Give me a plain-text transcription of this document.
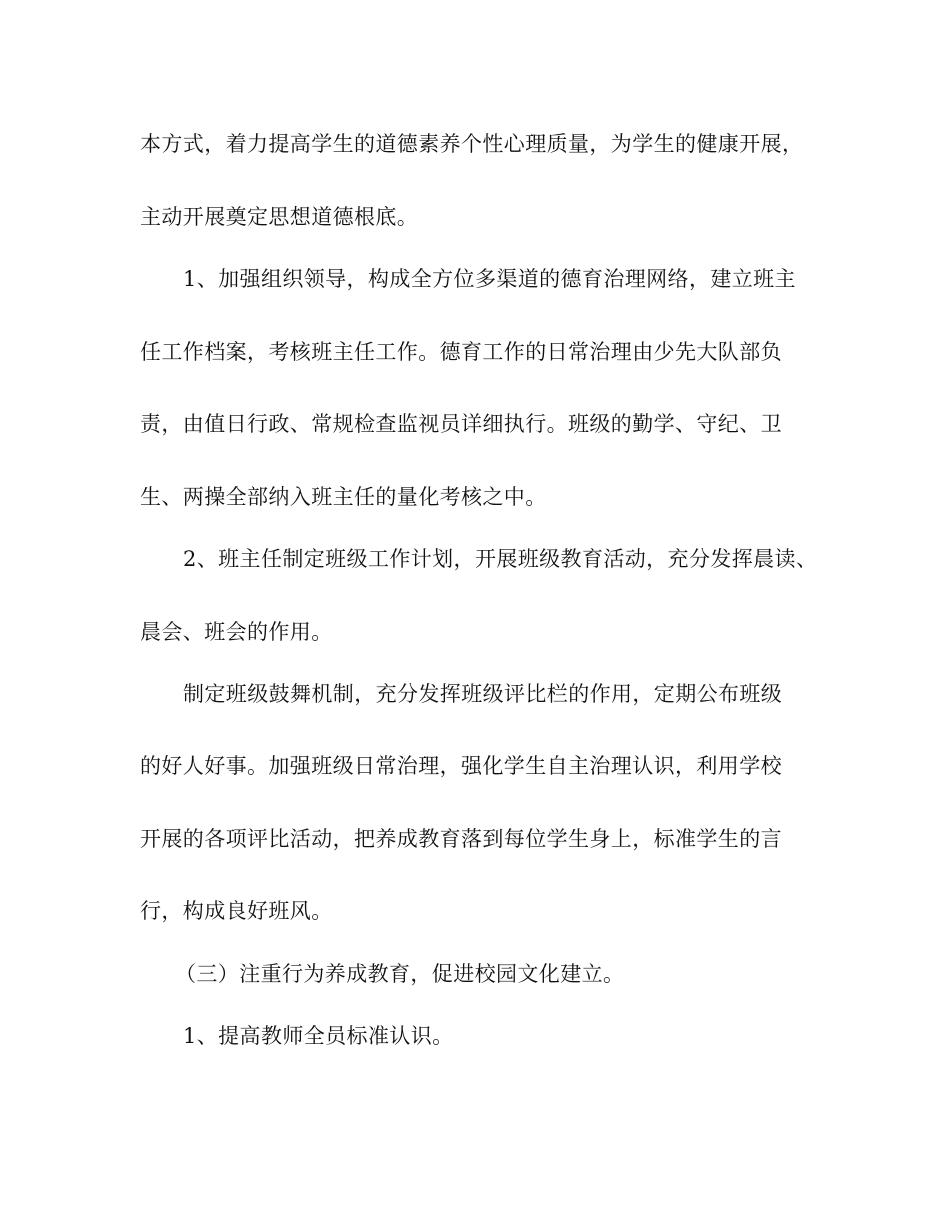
本方式，着力提高学生的道德素养个性心理质量，为学生的健康开展，

主动开展奠定思想道德根底。

1、加强组织领导，构成全方位多渠道的德育治理网络，建立班主

任工作档案，考核班主任工作。德育工作的日常治理由少先大队部负

责，由值日行政、常规检查监视员详细执行。班级的勤学、守纪、卫

生、两操全部纳入班主任的量化考核之中。

2、班主任制定班级工作计划，开展班级教育活动，充分发挥晨读、

晨会、班会的作用。

制定班级鼓舞机制，充分发挥班级评比栏的作用，定期公布班级

的好人好事。加强班级日常治理，强化学生自主治理认识，利用学校

开展的各项评比活动，把养成教育落到每位学生身上，标准学生的言

行，构成良好班风。

（三）注重行为养成教育，促进校园文化建立。

1、提高教师全员标准认识。
